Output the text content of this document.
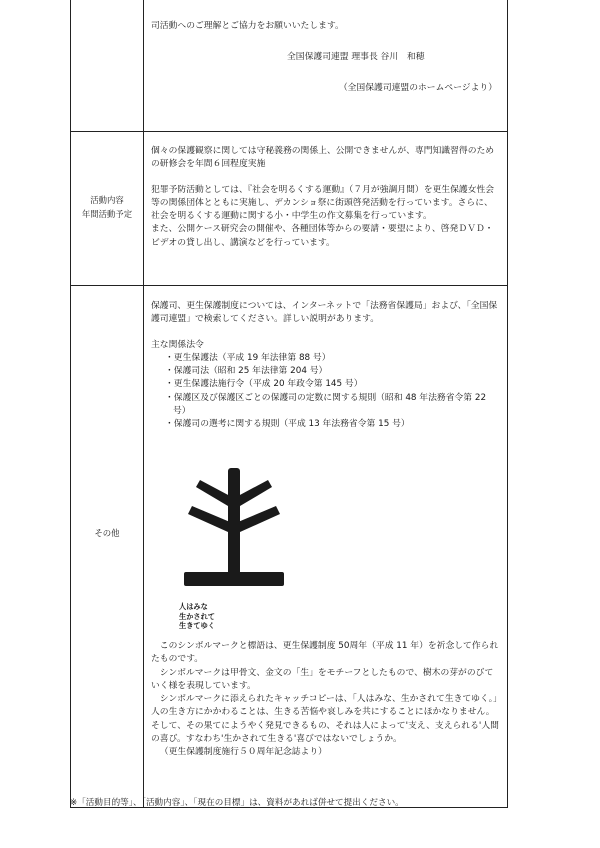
司活動へのご理解とご協力をお願いいたします。

全国保護司連盟 理事長 谷川　和穂

（全国保護司連盟のホームページより）

活動内容
年間活動予定

個々の保護観察に関しては守秘義務の関係上、公開できませんが、専門知識習得のための研修会を年間６回程度実施

犯罪予防活動としては、『社会を明るくする運動』（７月が強調月間）を更生保護女性会等の関係団体とともに実施し、デカンショ祭に街頭啓発活動を行っています。さらに、社会を明るくする運動に関する小・中学生の作文募集を行っています。

また、公開ケース研究会の開催や、各種団体等からの要請・要望により、啓発ＤＶＤ・ビデオの貸し出し、講演などを行っています。

その他

保護司、更生保護制度については、インターネットで「法務省保護局」および、「全国保護司連盟」で検索してください。詳しい説明があります。

主な関係法令

・更生保護法（平成 19 年法律第 88 号）

・保護司法（昭和 25 年法律第 204 号）

・更生保護法施行令（平成 20 年政令第 145 号）

・保護区及び保護区ごとの保護司の定数に関する規則（昭和 48 年法務省令第 22 号）

・保護司の選考に関する規則（平成 13 年法務省令第 15 号）

人はみな
生かされて
生きてゆく

このシンボルマークと標語は、更生保護制度 50周年（平成 11 年）を祈念して作られたものです。

シンボルマークは甲骨文、金文の「生」をモチーフとしたもので、樹木の芽がのびていく様を表現しています。

シンボルマークに添えられたキャッチコピーは、「人はみな、生かされて生きてゆく。」人の生き方にかかわることは、生きる苦悩や哀しみを共にすることにほかなりません。そして、その果てにようやく発見できるもの、それは人によって'支え、支えられる'人間の喜び。すなわち'生かされて生きる'喜びではないでしょうか。

（更生保護制度施行５０周年記念誌より）

※「活動目的等」、「活動内容」、「現在の目標」は、資料があれば併せて提出ください。
